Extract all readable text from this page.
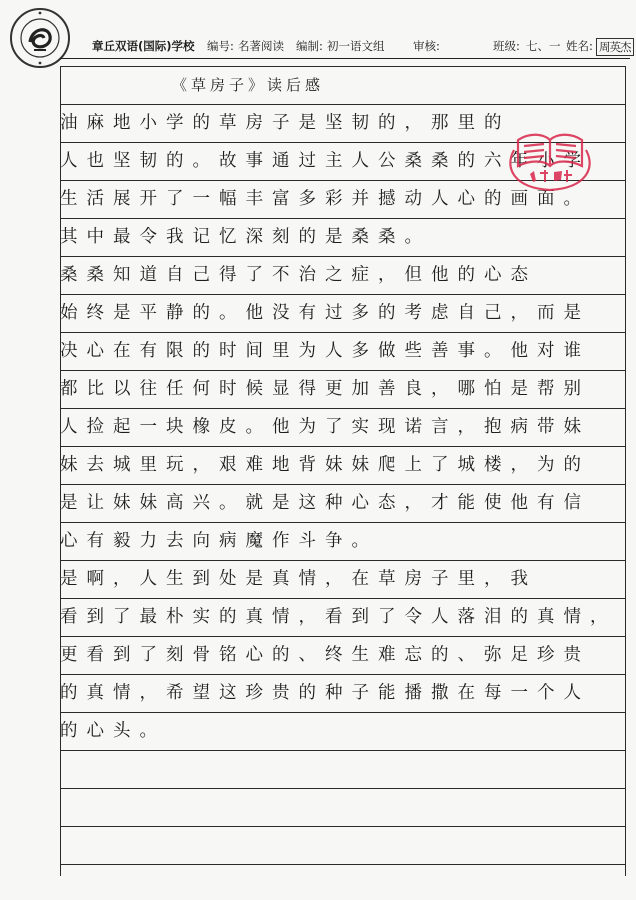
章丘双语(国际)学校 编号: 名著阅读 编制: 初一语文组 审核:	班级: 七、一 姓名: 周英杰
《草房子》读后感
油麻地小学的草房子是坚韧的，那里的
人也坚韧的。故事通过主人公桑桑的六年小学
生活展开了一幅丰富多彩并撼动人心的画面。
其中最令我记忆深刻的是桑桑。
桑桑知道自己得了不治之症，但他的心态
始终是平静的。他没有过多的考虑自己，而是
决心在有限的时间里为人多做些善事。他对谁
都比以往任何时候显得更加善良，哪怕是帮别
人捡起一块橡皮。他为了实现诺言，抱病带妹
妹去城里玩，艰难地背妹妹爬上了城楼，为的
是让妹妹高兴。就是这种心态，才能使他有信
心有毅力去向病魔作斗争。
是啊，人生到处是真情，在草房子里，我
看到了最朴实的真情，看到了令人落泪的真情，
更看到了刻骨铭心的、终生难忘的、弥足珍贵
的真情，希望这珍贵的种子能播撒在每一个人
的心头。
